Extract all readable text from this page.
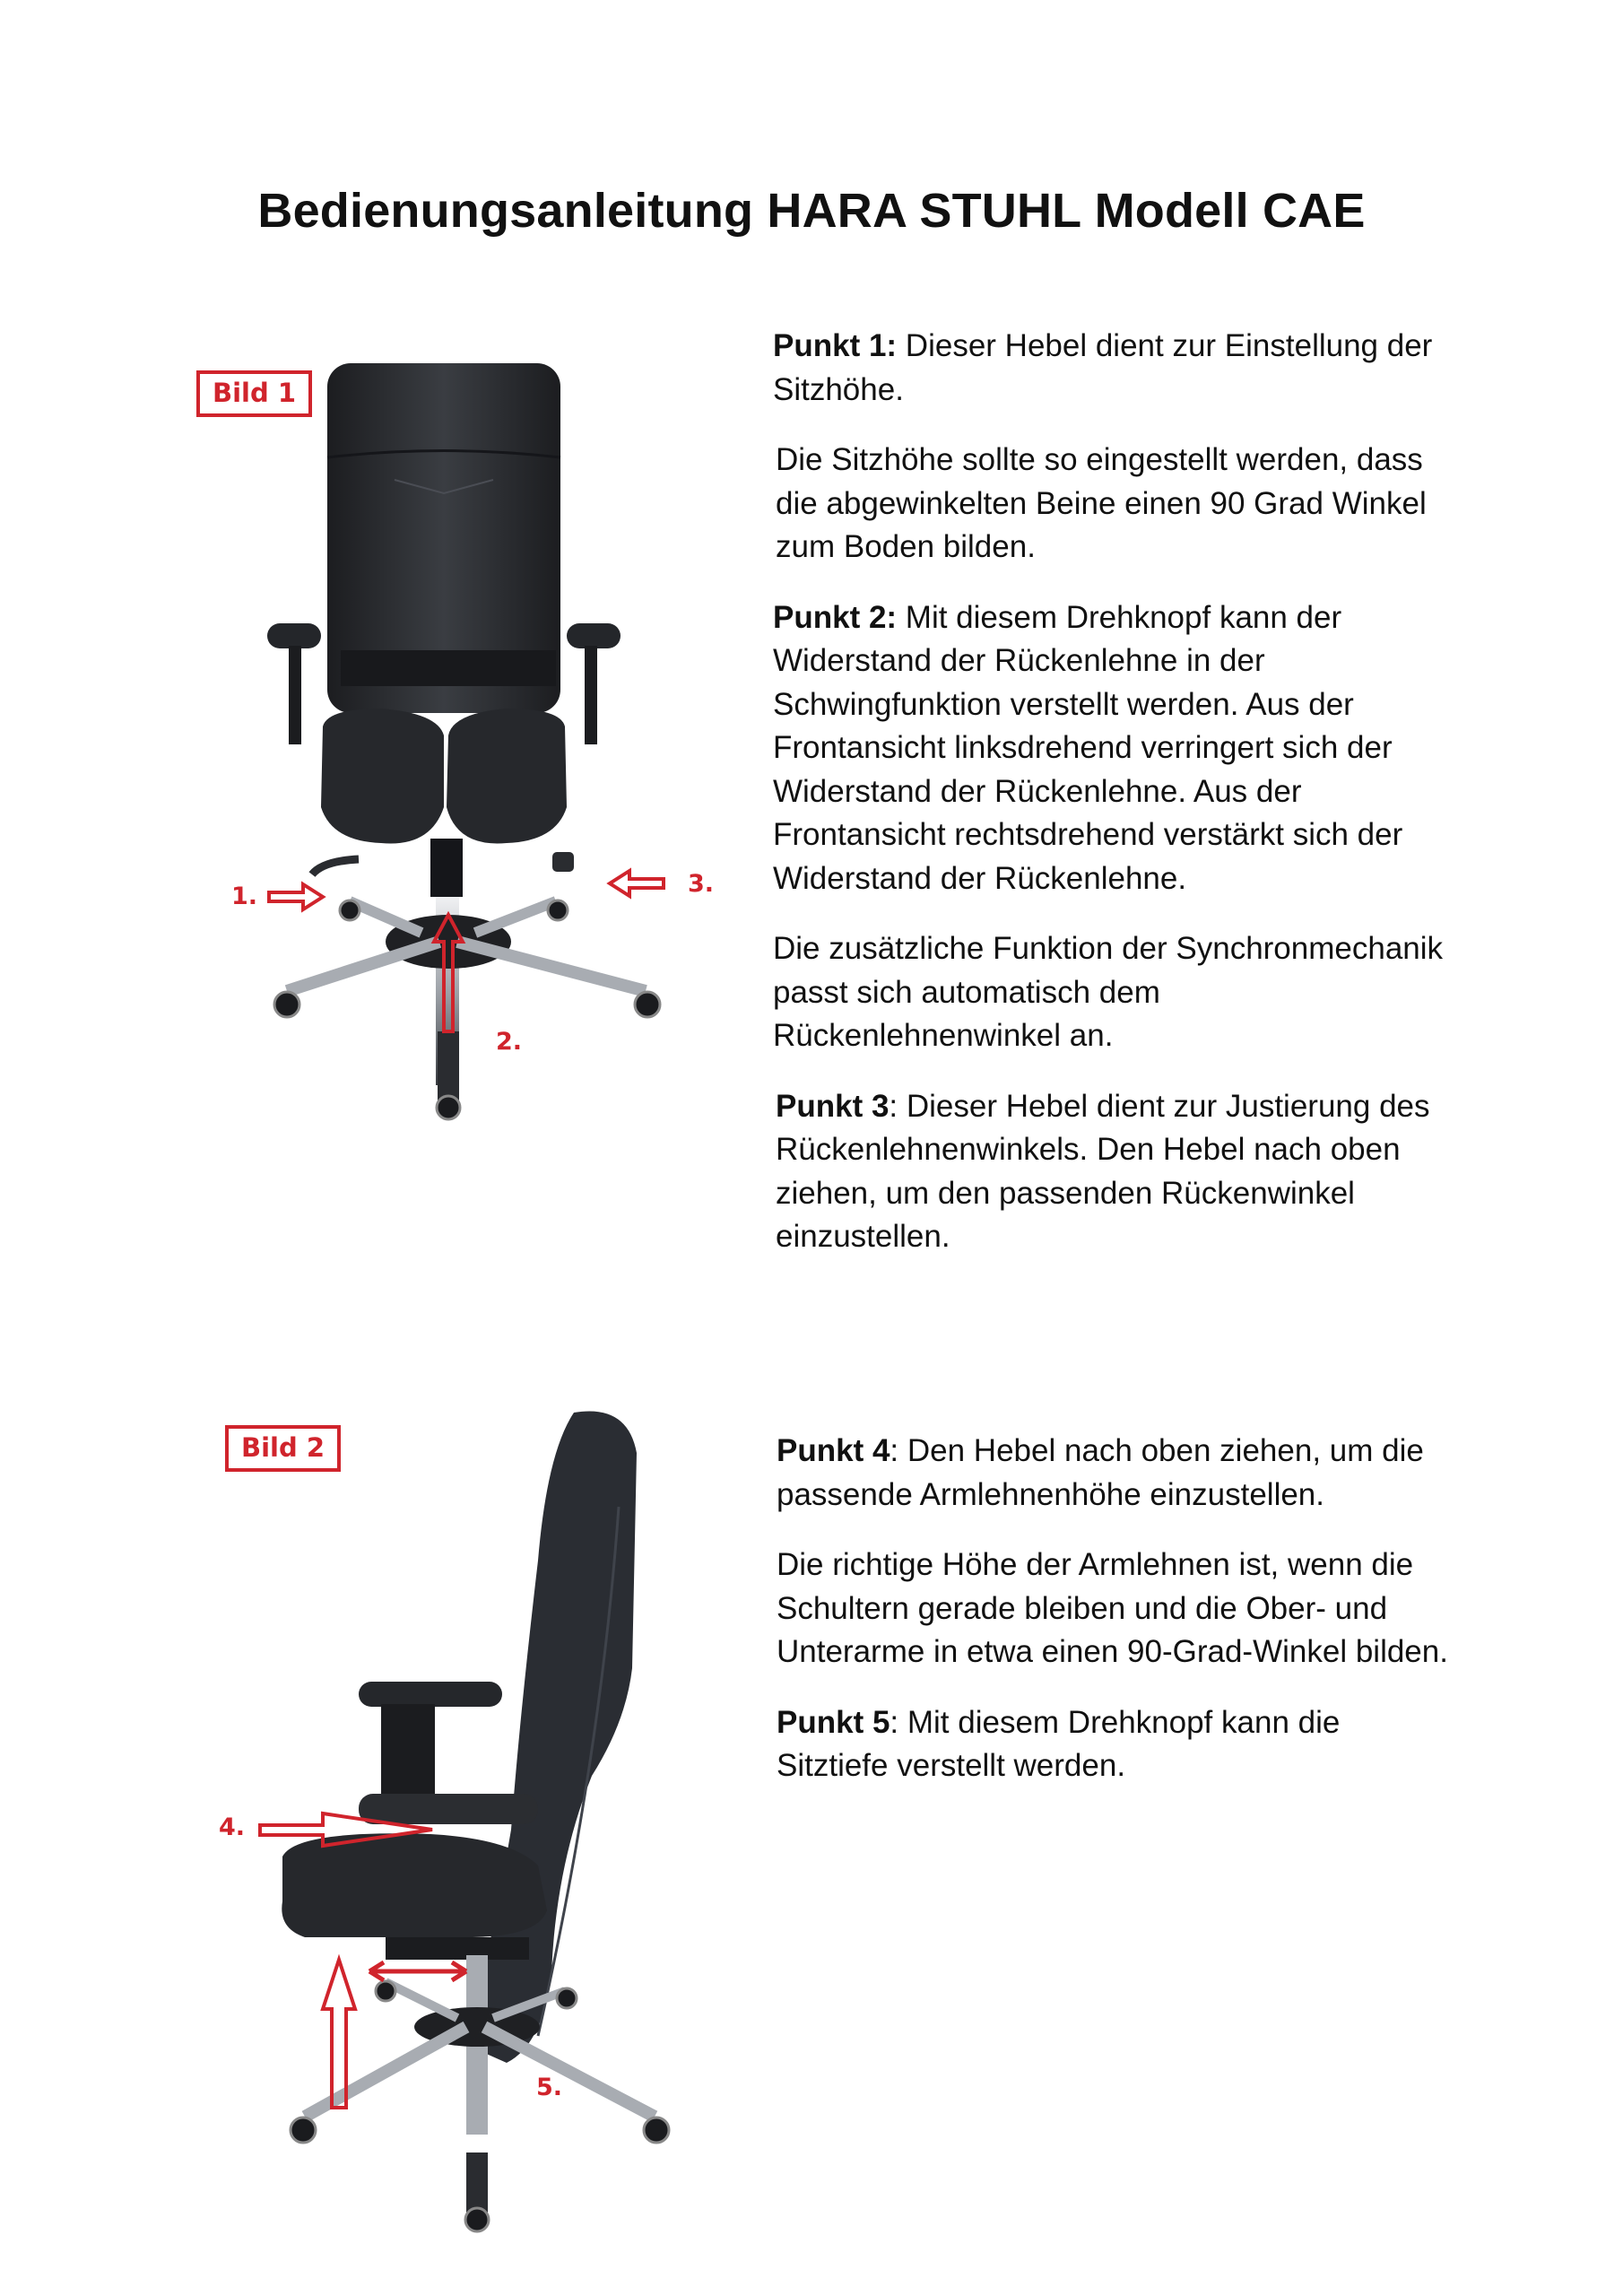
Bedienungsanleitung HARA STUHL Modell CAE
Bild 1
1.
2.
3.

Punkt 1: Dieser Hebel dient zur Einstellung der Sitzhöhe.

Die Sitzhöhe sollte so eingestellt werden, dass die abgewinkelten Beine einen 90 Grad Winkel zum Boden bilden.

Punkt 2: Mit diesem Drehknopf kann der Widerstand der Rückenlehne in der Schwingfunktion verstellt werden. Aus der Frontansicht linksdrehend verringert sich der Widerstand der Rückenlehne. Aus der Frontansicht rechtsdrehend verstärkt sich der Widerstand der Rückenlehne.

Die zusätzliche Funktion der Synchronmechanik passt sich automatisch dem Rückenlehnenwinkel an.

Punkt 3: Dieser Hebel dient zur Justierung des Rückenlehnenwinkels. Den Hebel nach oben ziehen, um den passenden Rückenwinkel einzustellen.

Bild 2
4.
5.

Punkt 4: Den Hebel nach oben ziehen, um die passende Armlehnenhöhe einzustellen.

Die richtige Höhe der Armlehnen ist, wenn die Schultern gerade bleiben und die Ober- und Unterarme in etwa einen 90-Grad-Winkel bilden.

Punkt 5: Mit diesem Drehknopf kann die Sitztiefe verstellt werden.
